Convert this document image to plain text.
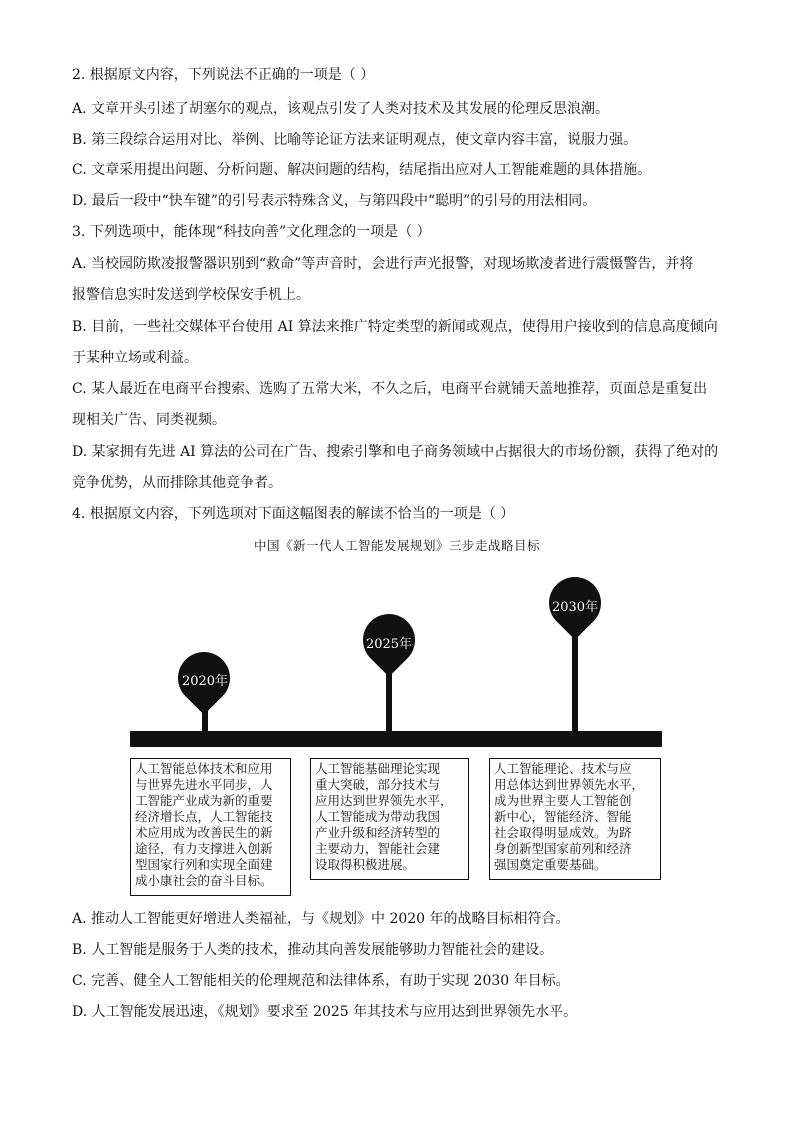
2. 根据原文内容，下列说法不正确的一项是（ ）
A. 文章开头引述了胡塞尔的观点，该观点引发了人类对技术及其发展的伦理反思浪潮。
B. 第三段综合运用对比、举例、比喻等论证方法来证明观点，使文章内容丰富，说服力强。
C. 文章采用提出问题、分析问题、解决问题的结构，结尾指出应对人工智能难题的具体措施。
D. 最后一段中“快车键”的引号表示特殊含义，与第四段中“聪明”的引号的用法相同。
3. 下列选项中，能体现“科技向善”文化理念的一项是（ ）
A. 当校园防欺凌报警器识别到“救命”等声音时，会进行声光报警，对现场欺凌者进行震慑警告，并将
报警信息实时发送到学校保安手机上。
B. 目前，一些社交媒体平台使用 AI 算法来推广特定类型的新闻或观点，使得用户接收到的信息高度倾向
于某种立场或利益。
C. 某人最近在电商平台搜索、选购了五常大米，不久之后，电商平台就铺天盖地推荐，页面总是重复出
现相关广告、同类视频。
D. 某家拥有先进 AI 算法的公司在广告、搜索引擎和电子商务领域中占据很大的市场份额，获得了绝对的
竞争优势，从而排除其他竞争者。
4. 根据原文内容，下列选项对下面这幅图表的解读不恰当的一项是（ ）
中国《新一代人工智能发展规划》三步走战略目标
2020年
2025年
2030年
人工智能总体技术和应用
与世界先进水平同步，人
工智能产业成为新的重要
经济增长点，人工智能技
术应用成为改善民生的新
途径，有力支撑进入创新
型国家行列和实现全面建
成小康社会的奋斗目标。
人工智能基础理论实现
重大突破，部分技术与
应用达到世界领先水平，
人工智能成为带动我国
产业升级和经济转型的
主要动力，智能社会建
设取得积极进展。
人工智能理论、技术与应
用总体达到世界领先水平，
成为世界主要人工智能创
新中心，智能经济、智能
社会取得明显成效。为跻
身创新型国家前列和经济
强国奠定重要基础。
A. 推动人工智能更好增进人类福祉，与《规划》中 2020 年的战略目标相符合。
B. 人工智能是服务于人类的技术，推动其向善发展能够助力智能社会的建设。
C. 完善、健全人工智能相关的伦理规范和法律体系，有助于实现 2030 年目标。
D. 人工智能发展迅速，《规划》要求至 2025 年其技术与应用达到世界领先水平。
